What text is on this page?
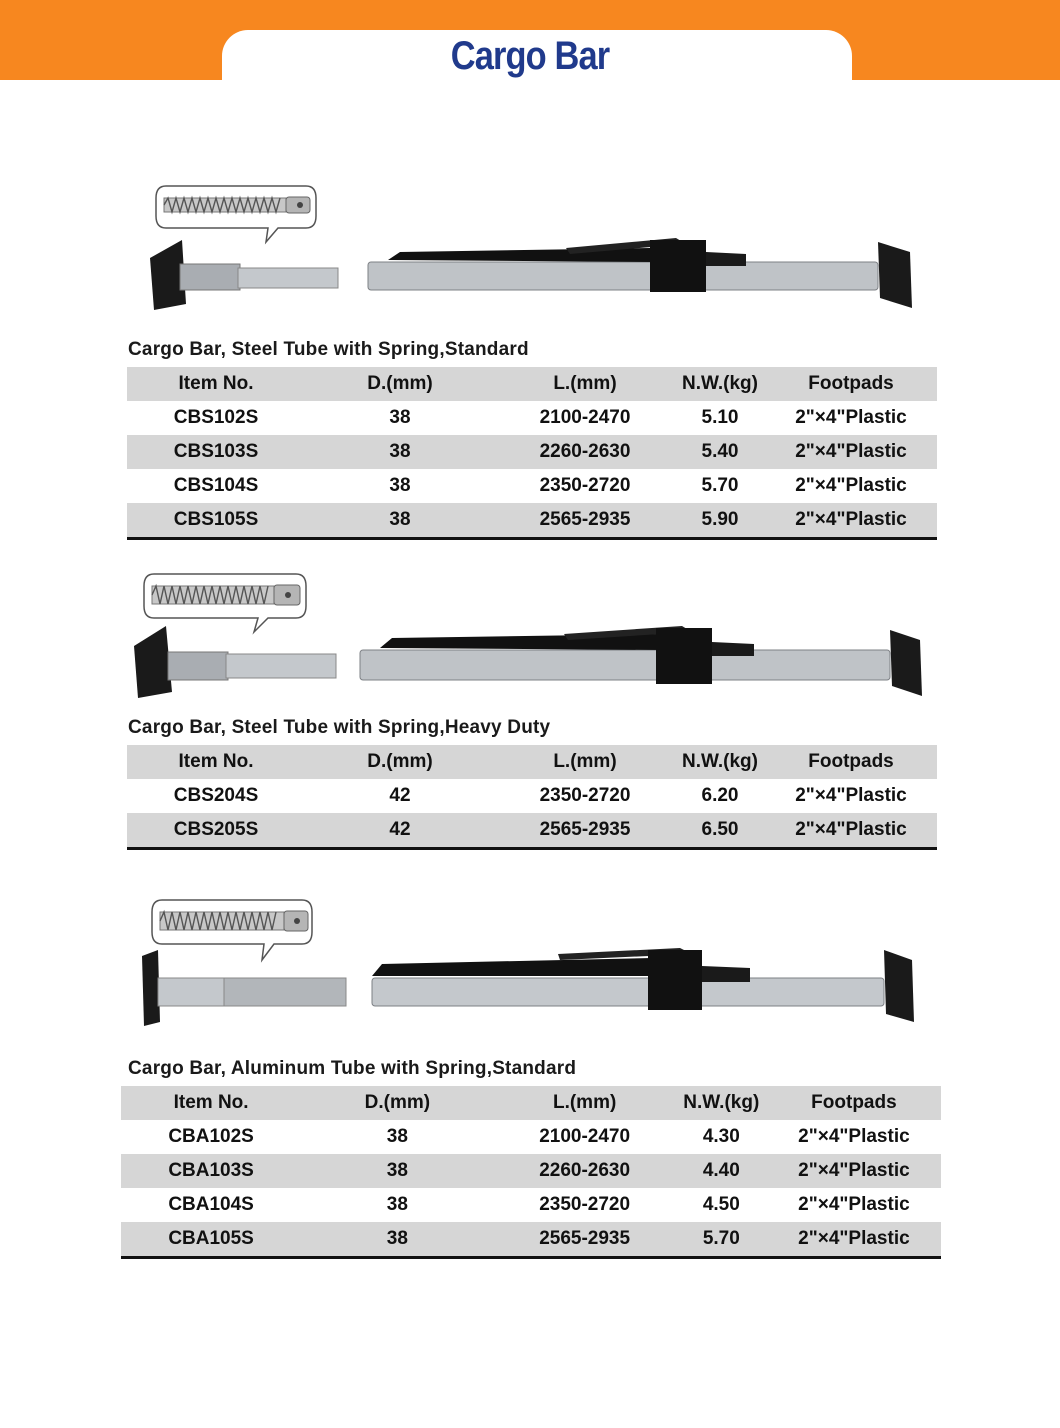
Cargo Bar
Cargo Bar, Steel Tube with Spring,Standard
Item No.	D.(mm)	L.(mm)	N.W.(kg)	Footpads
CBS102S	38	2100-2470	5.10	2"×4"Plastic
CBS103S	38	2260-2630	5.40	2"×4"Plastic
CBS104S	38	2350-2720	5.70	2"×4"Plastic
CBS105S	38	2565-2935	5.90	2"×4"Plastic
Cargo Bar, Steel Tube with Spring,Heavy Duty
Item No.	D.(mm)	L.(mm)	N.W.(kg)	Footpads
CBS204S	42	2350-2720	6.20	2"×4"Plastic
CBS205S	42	2565-2935	6.50	2"×4"Plastic
Cargo Bar, Aluminum Tube with Spring,Standard
Item No.	D.(mm)	L.(mm)	N.W.(kg)	Footpads
CBA102S	38	2100-2470	4.30	2"×4"Plastic
CBA103S	38	2260-2630	4.40	2"×4"Plastic
CBA104S	38	2350-2720	4.50	2"×4"Plastic
CBA105S	38	2565-2935	5.70	2"×4"Plastic
